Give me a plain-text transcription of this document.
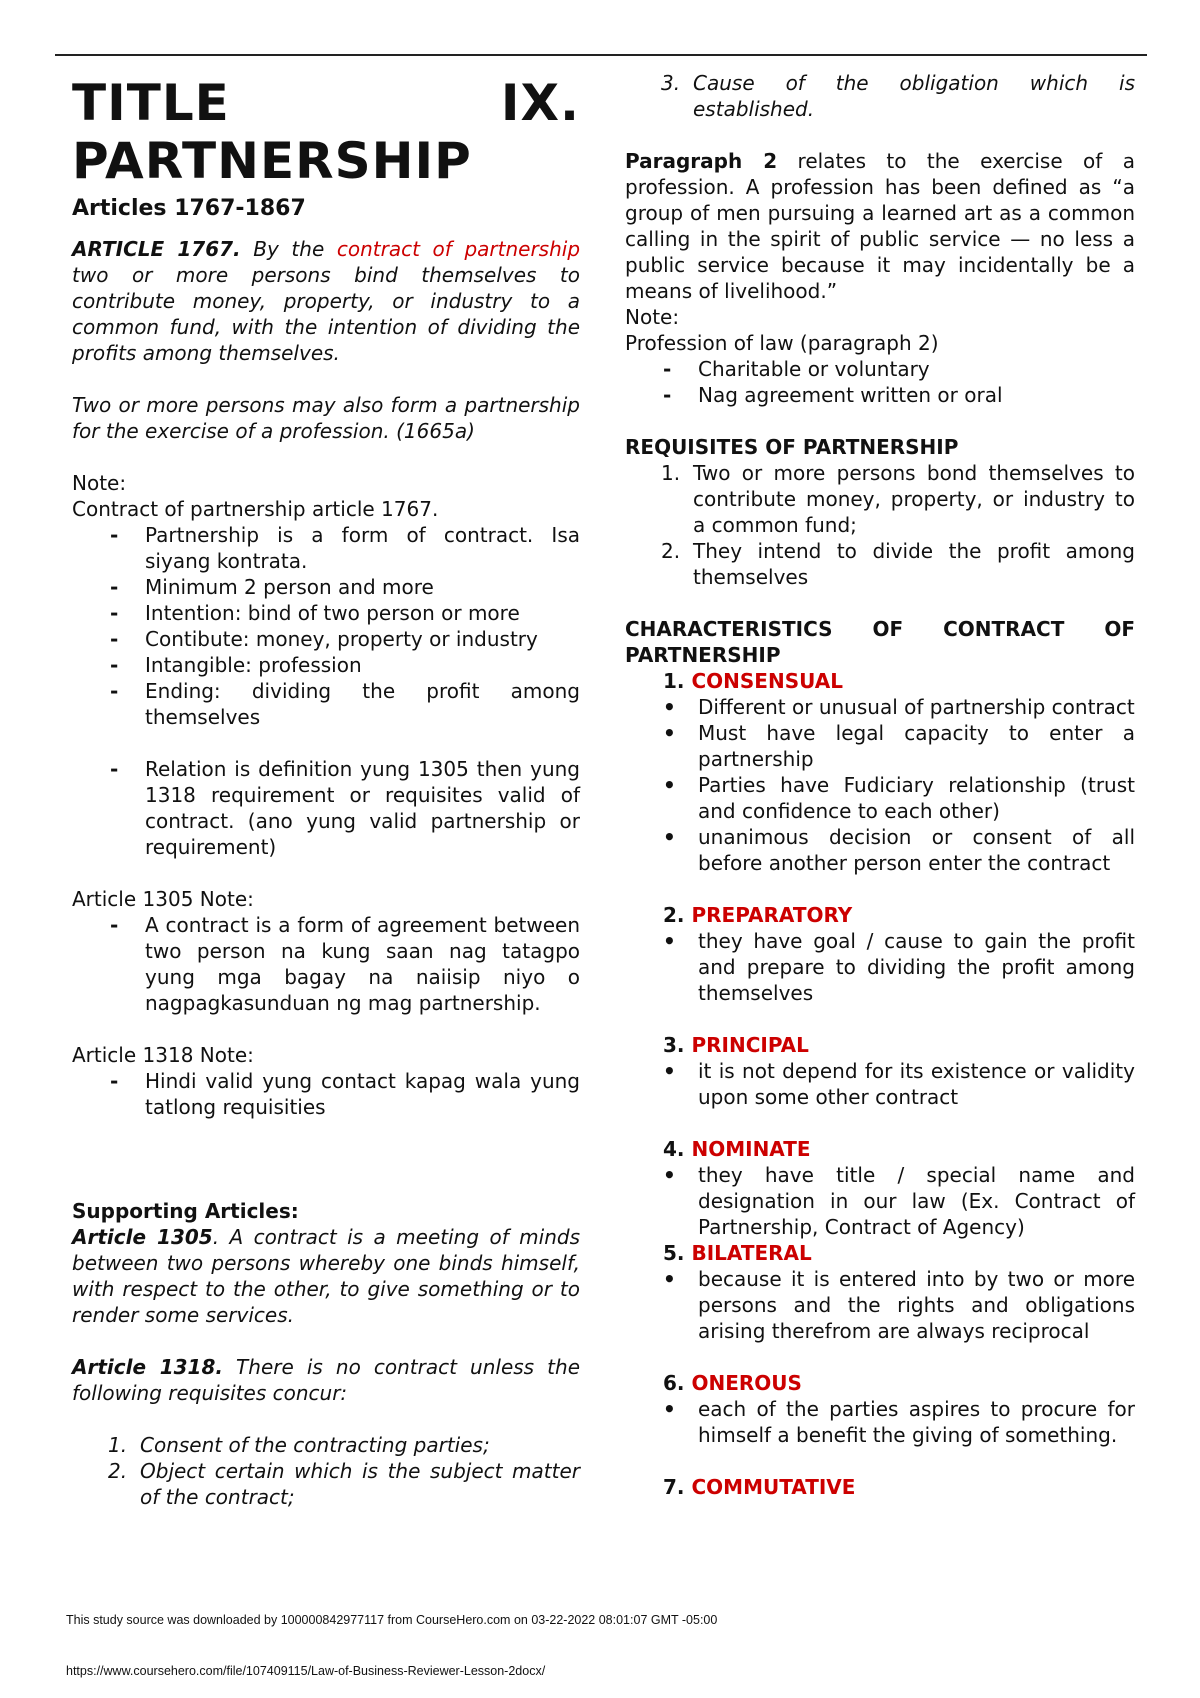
TITLE	IX.
PARTNERSHIP
Articles 1767-1867
ARTICLE 1767. By the contract of partnership two or more persons bind themselves to contribute money, property, or industry to a common fund, with the intention of dividing the profits among themselves.
Two or more persons may also form a partnership for the exercise of a profession. (1665a)
Note:
Contract of partnership article 1767.
- Partnership is a form of contract. Isa siyang kontrata.
- Minimum 2 person and more
- Intention: bind of two person or more
- Contibute: money, property or industry
- Intangible: profession
- Ending: dividing the profit among themselves
- Relation is definition yung 1305 then yung 1318 requirement or requisites valid of contract. (ano yung valid partnership or requirement)
Article 1305 Note:
- A contract is a form of agreement between two person na kung saan nag tatagpo yung mga bagay na naiisip niyo o nagpagkasunduan ng mag partnership.
Article 1318 Note:
- Hindi valid yung contact kapag wala yung tatlong requisities
Supporting Articles:
Article 1305. A contract is a meeting of minds between two persons whereby one binds himself, with respect to the other, to give something or to render some services.
Article 1318. There is no contract unless the following requisites concur:
1. Consent of the contracting parties;
2. Object certain which is the subject matter of the contract;
3. Cause of the obligation which is established.
Paragraph 2 relates to the exercise of a profession. A profession has been defined as “a group of men pursuing a learned art as a common calling in the spirit of public service — no less a public service because it may incidentally be a means of livelihood.”
Note:
Profession of law (paragraph 2)
- Charitable or voluntary
- Nag agreement written or oral
REQUISITES OF PARTNERSHIP
1. Two or more persons bond themselves to contribute money, property, or industry to a common fund;
2. They intend to divide the profit among themselves
CHARACTERISTICS OF CONTRACT OF PARTNERSHIP
1. CONSENSUAL
• Different or unusual of partnership contract
• Must have legal capacity to enter a partnership
• Parties have Fudiciary relationship (trust and confidence to each other)
• unanimous decision or consent of all before another person enter the contract
2. PREPARATORY
• they have goal / cause to gain the profit and prepare to dividing the profit among themselves
3. PRINCIPAL
• it is not depend for its existence or validity upon some other contract
4. NOMINATE
• they have title / special name and designation in our law (Ex. Contract of Partnership, Contract of Agency)
5. BILATERAL
• because it is entered into by two or more persons and the rights and obligations arising therefrom are always reciprocal
6. ONEROUS
• each of the parties aspires to procure for himself a benefit the giving of something.
7. COMMUTATIVE
This study source was downloaded by 100000842977117 from CourseHero.com on 03-22-2022 08:01:07 GMT -05:00
https://www.coursehero.com/file/107409115/Law-of-Business-Reviewer-Lesson-2docx/
